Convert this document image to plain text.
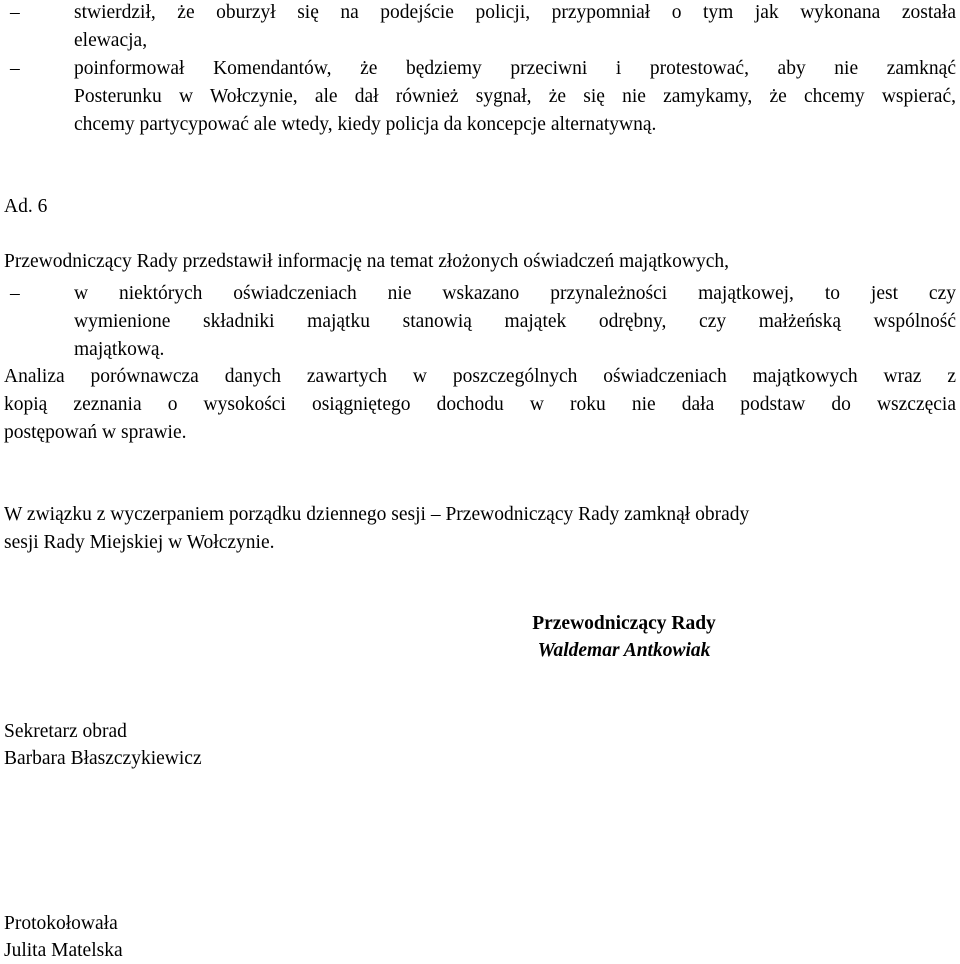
–	stwierdził, że oburzył się na podejście policji, przypomniał o tym jak wykonana została
elewacja,
–	poinformował Komendantów, że będziemy przeciwni i protestować, aby nie zamknąć
Posterunku w Wołczynie, ale dał również sygnał, że się nie zamykamy, że chcemy wspierać,
chcemy partycypować ale wtedy, kiedy policja da koncepcje alternatywną.
Ad. 6
Przewodniczący Rady przedstawił informację na temat złożonych oświadczeń majątkowych,
–	w niektórych oświadczeniach nie wskazano przynależności majątkowej, to jest czy
wymienione składniki majątku stanowią majątek odrębny, czy małżeńską wspólność
majątkową.
Analiza porównawcza danych zawartych w poszczególnych oświadczeniach majątkowych wraz z
kopią zeznania o wysokości osiągniętego dochodu w roku nie dała podstaw do wszczęcia
postępowań w sprawie.
W związku z wyczerpaniem porządku dziennego sesji – Przewodniczący Rady zamknął obrady
sesji Rady Miejskiej w Wołczynie.
Przewodniczący Rady
Waldemar Antkowiak
Sekretarz obrad
Barbara Błaszczykiewicz
Protokołowała
Julita Matelska
